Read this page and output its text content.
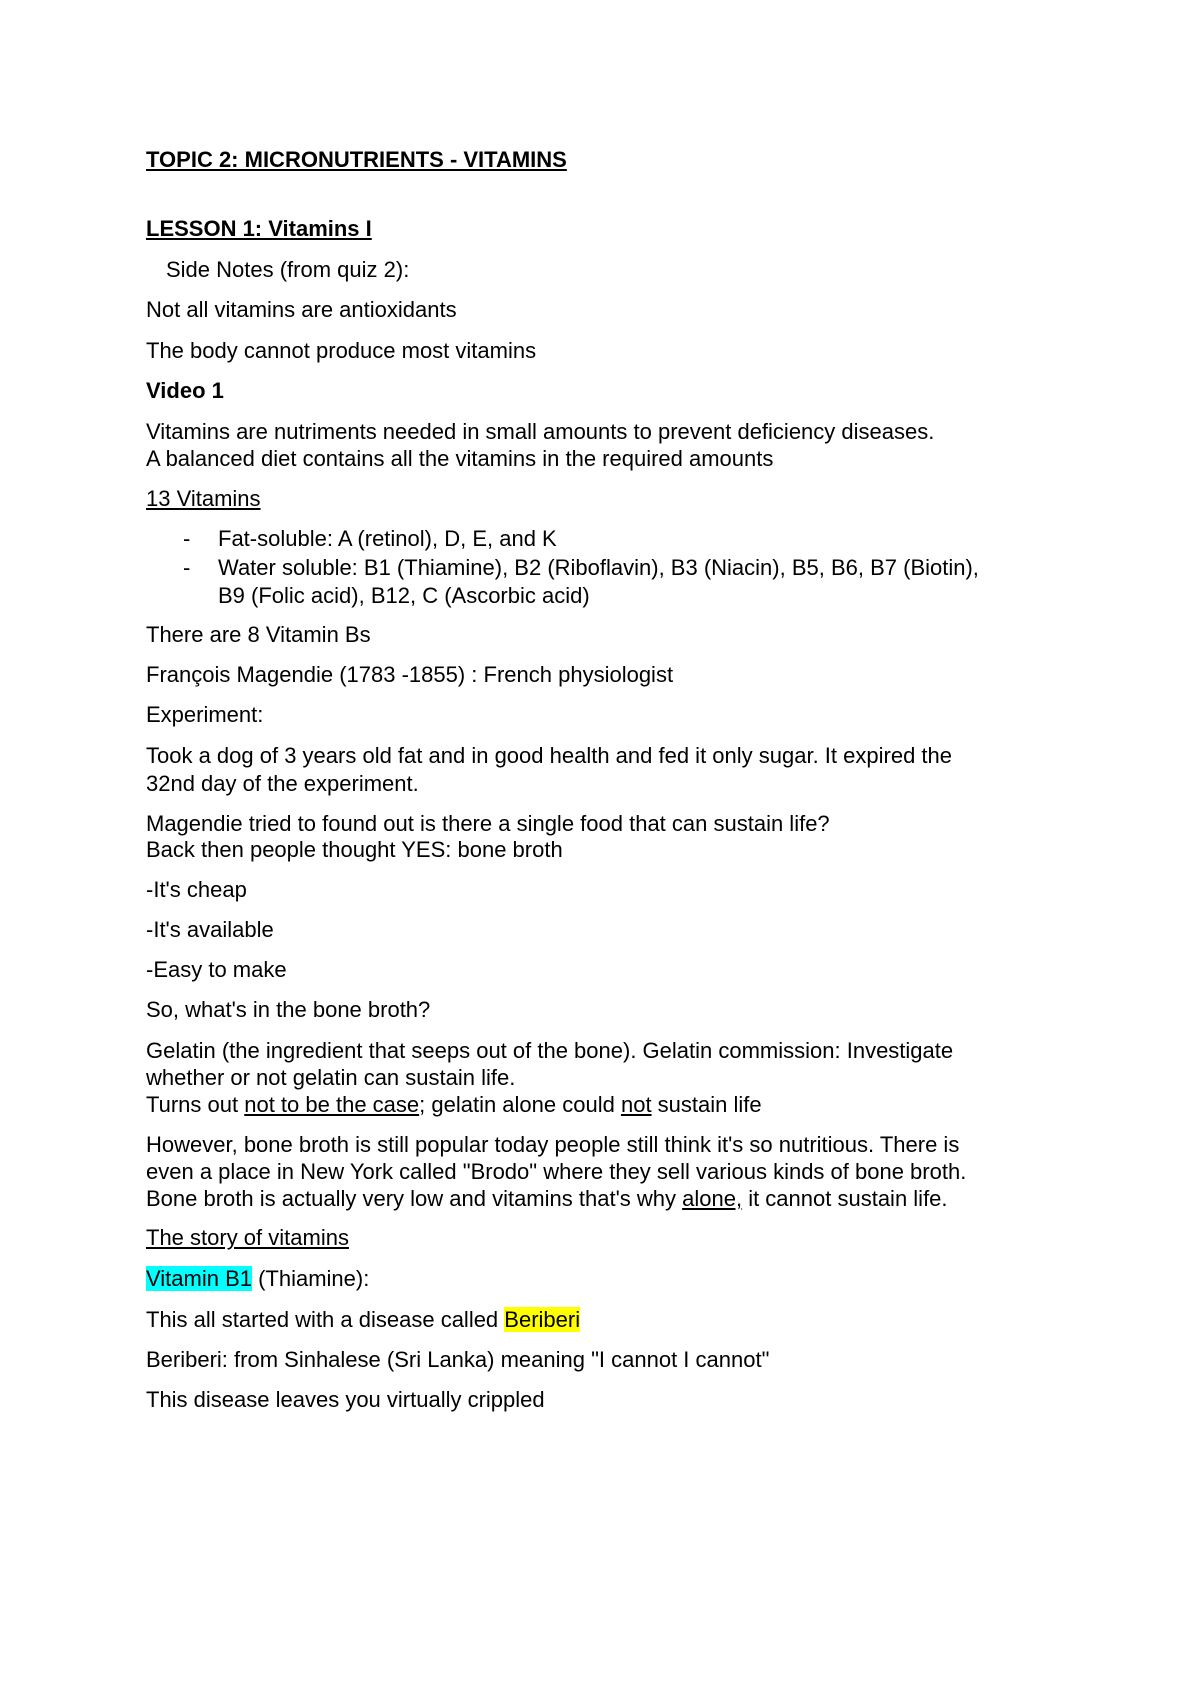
TOPIC 2: MICRONUTRIENTS - VITAMINS
LESSON 1: Vitamins I
Side Notes (from quiz 2):
Not all vitamins are antioxidants
The body cannot produce most vitamins
Video 1
Vitamins are nutriments needed in small amounts to prevent deficiency diseases.
A balanced diet contains all the vitamins in the required amounts
13 Vitamins
- Fat-soluble: A (retinol), D, E, and K
- Water soluble: B1 (Thiamine), B2 (Riboflavin), B3 (Niacin), B5, B6, B7 (Biotin),
B9 (Folic acid), B12, C (Ascorbic acid)
There are 8 Vitamin Bs
François Magendie (1783 -1855) : French physiologist
Experiment:
Took a dog of 3 years old fat and in good health and fed it only sugar. It expired the
32nd day of the experiment.
Magendie tried to found out is there a single food that can sustain life?
Back then people thought YES: bone broth
-It's cheap
-It's available
-Easy to make
So, what's in the bone broth?
Gelatin (the ingredient that seeps out of the bone). Gelatin commission: Investigate
whether or not gelatin can sustain life.
Turns out not to be the case; gelatin alone could not sustain life
However, bone broth is still popular today people still think it's so nutritious. There is
even a place in New York called "Brodo" where they sell various kinds of bone broth.
Bone broth is actually very low and vitamins that's why alone, it cannot sustain life.
The story of vitamins
Vitamin B1 (Thiamine):
This all started with a disease called Beriberi
Beriberi: from Sinhalese (Sri Lanka) meaning "I cannot I cannot"
This disease leaves you virtually crippled
